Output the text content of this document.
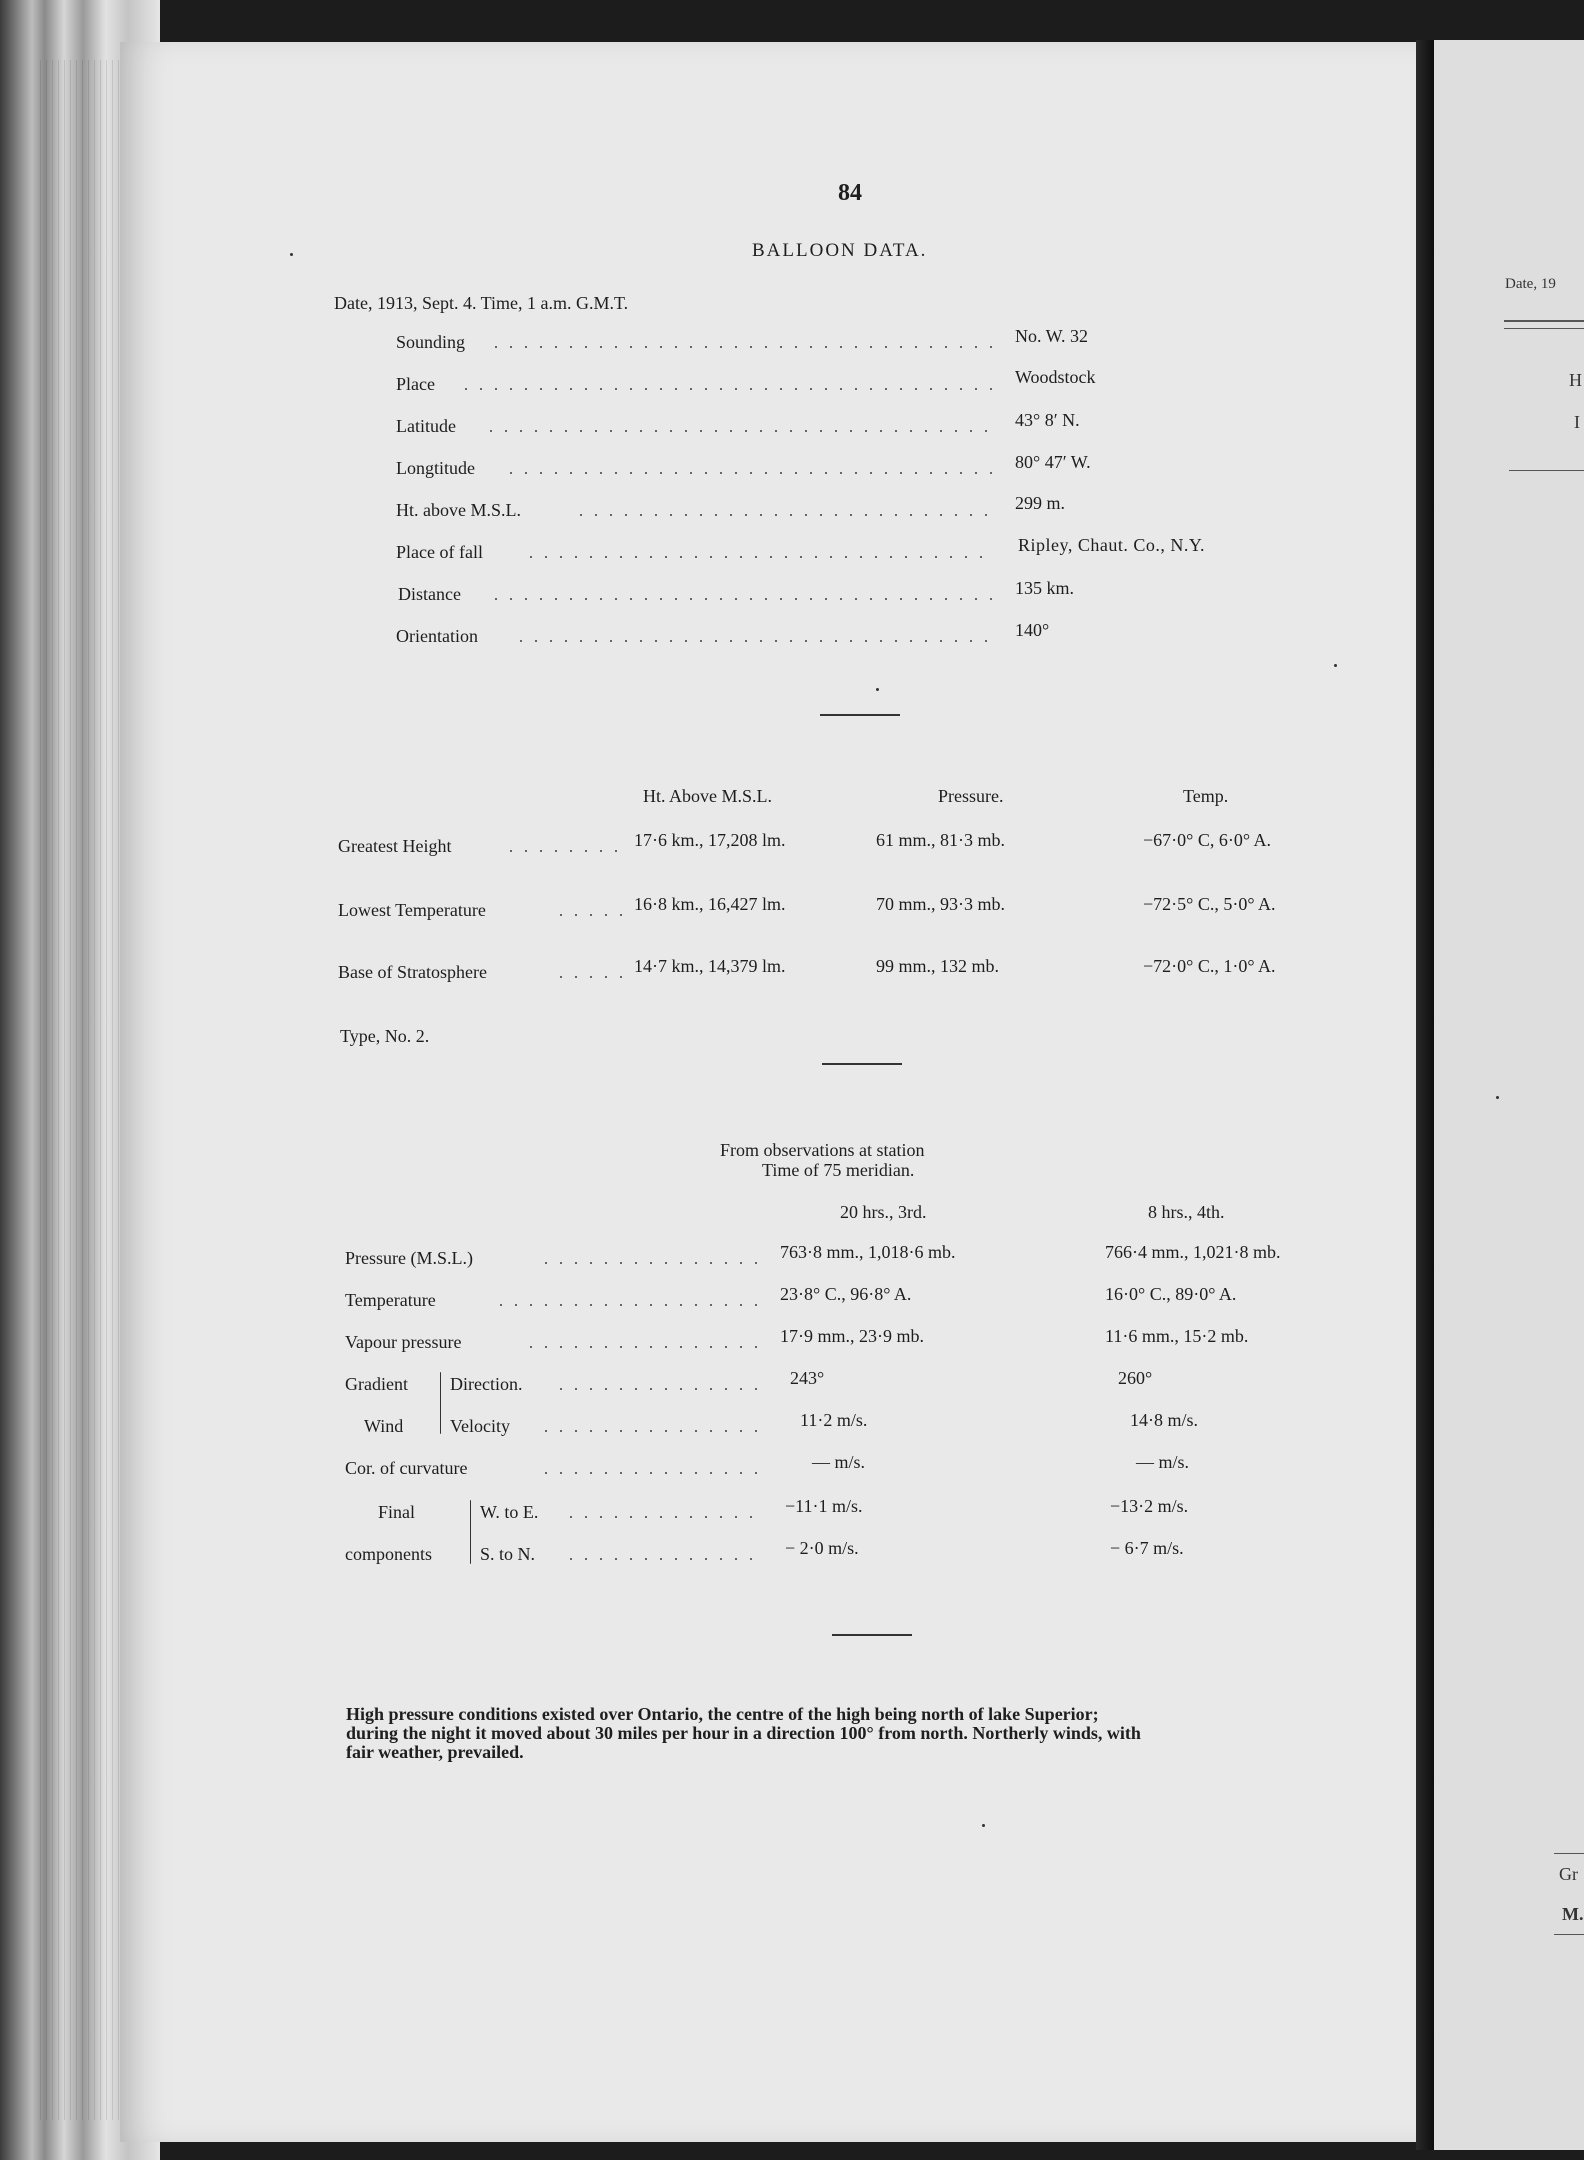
Date, 19
H
I
Gr
M.
84
BALLOON DATA.
Date, 1913, Sept. 4. Time, 1 a.m. G.M.T.
Sounding	No. W. 32
Place	Woodstock
Latitude	43° 8′ N.
Longtitude	80° 47′ W.
Ht. above M.S.L.	299 m.
Place of fall	Ripley, Chaut. Co., N.Y.
Distance	135 km.
Orientation	140°
Ht. Above M.S.L.	Pressure.	Temp.
Greatest Height	17·6 km., 17,208 lm.	61 mm., 81·3 mb.	−67·0° C, 6·0° A.
Lowest Temperature	16·8 km., 16,427 lm.	70 mm., 93·3 mb.	−72·5° C., 5·0° A.
Base of Stratosphere	14·7 km., 14,379 lm.	99 mm., 132 mb.	−72·0° C., 1·0° A.
Type, No. 2.
From observations at station
Time of 75 meridian.
20 hrs., 3rd.	8 hrs., 4th.
Pressure (M.S.L.)	763·8 mm., 1,018·6 mb.	766·4 mm., 1,021·8 mb.
Temperature	23·8° C., 96·8° A.	16·0° C., 89·0° A.
Vapour pressure	17·9 mm., 23·9 mb.	11·6 mm., 15·2 mb.
Gradient
Wind
Direction.	243°	260°
Velocity	11·2 m/s.	14·8 m/s.
Cor. of curvature	— m/s.	— m/s.
Final
components
W. to E.	−11·1 m/s.	−13·2 m/s.
S. to N.	− 2·0 m/s.	− 6·7 m/s.
High pressure conditions existed over Ontario, the centre of the high being north of lake Superior;
during the night it moved about 30 miles per hour in a direction 100° from north. Northerly winds, with
fair weather, prevailed.
